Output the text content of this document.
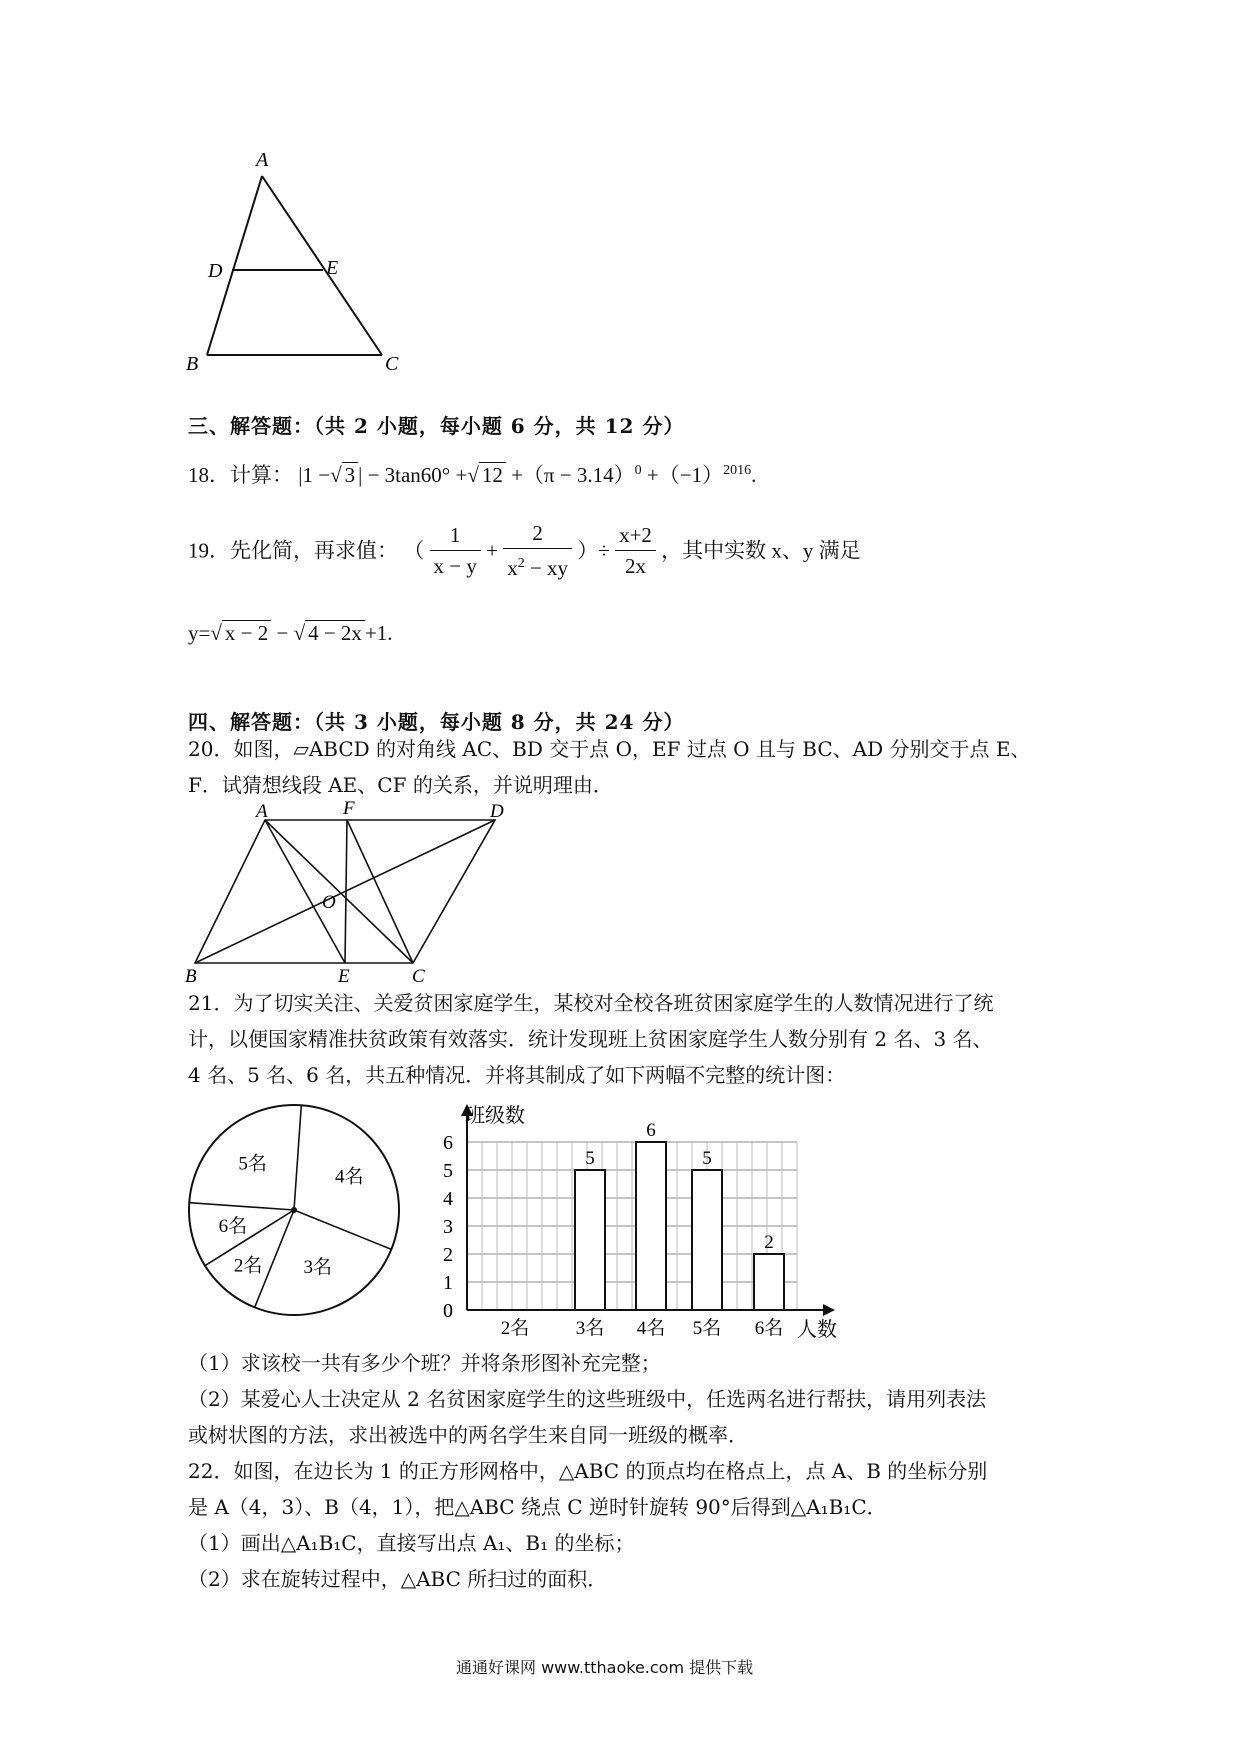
A
D	E
B	C
三、解答题：（共 2 小题，每小题 6 分，共 12 分）
18．计算： |1 −√ 3 | − 3tan60° +√ $12 +(\pi - 3.14)^0 +(-1)^{2016}$.
19．先化简，再求值： （ $\frac{1}{x - y} + \frac{2}{x^2 - xy}$ ）÷ $\frac{x+2}{2x}$ ，其中实数 x、y 满足
y=√ x − 2 − √ 4 − 2x +1.
四、解答题：（共 3 小题，每小题 8 分，共 24 分）
20．如图，▱ABCD 的对角线 AC、BD 交于点 O，EF 过点 O 且与 BC、AD 分别交于点 E、
F．试猜想线段 AE、CF 的关系，并说明理由．
A	F	D
O
B	E	C
21．为了切实关注、关爱贫困家庭学生，某校对全校各班贫困家庭学生的人数情况进行了统
计，以便国家精准扶贫政策有效落实．统计发现班上贫困家庭学生人数分别有 2 名、3 名、
4 名、5 名、6 名，共五种情况．并将其制成了如下两幅不完整的统计图：
4名
3名
2名
6名
5名
0
1
2
3
4
5
6
2名
5
3名
6
4名
5
5名
2
6名
班级数
人数
（1）求该校一共有多少个班？并将条形图补充完整；
（2）某爱心人士决定从 2 名贫困家庭学生的这些班级中，任选两名进行帮扶，请用列表法
或树状图的方法，求出被选中的两名学生来自同一班级的概率．
22．如图，在边长为 1 的正方形网格中，△ABC 的顶点均在格点上，点 A、B 的坐标分别
是 A（4，3）、B（4，1），把△ABC 绕点 C 逆时针旋转 90°后得到△A₁B₁C．
（1）画出△A₁B₁C，直接写出点 A₁、B₁ 的坐标；
（2）求在旋转过程中，△ABC 所扫过的面积．
通通好课网 www.tthaoke.com 提供下载
